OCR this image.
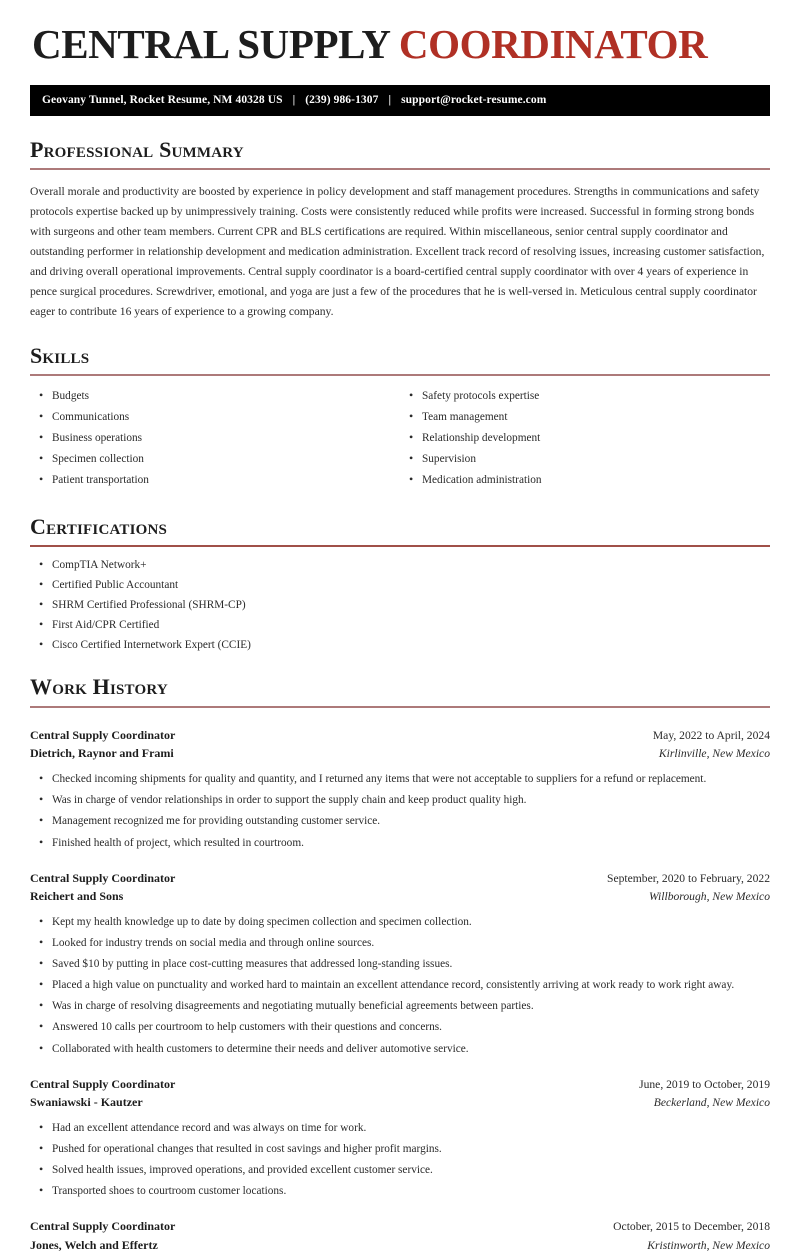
CENTRAL SUPPLY COORDINATOR
Geovany Tunnel, Rocket Resume, NM 40328 US | (239) 986-1307 | support@rocket-resume.com
Professional Summary

Overall morale and productivity are boosted by experience in policy development and staff management procedures. Strengths in communications and safety protocols expertise backed up by unimpressively training. Costs were consistently reduced while profits were increased. Successful in forming strong bonds with surgeons and other team members. Current CPR and BLS certifications are required. Within miscellaneous, senior central supply coordinator and outstanding performer in relationship development and medication administration. Excellent track record of resolving issues, increasing customer satisfaction, and driving overall operational improvements. Central supply coordinator is a board-certified central supply coordinator with over 4 years of experience in pence surgical procedures. Screwdriver, emotional, and yoga are just a few of the procedures that he is well-versed in. Meticulous central supply coordinator eager to contribute 16 years of experience to a growing company.

Skills
• Budgets
• Communications
• Business operations
• Specimen collection
• Patient transportation
• Safety protocols expertise
• Team management
• Relationship development
• Supervision
• Medication administration
Certifications
• CompTIA Network+
• Certified Public Accountant
• SHRM Certified Professional (SHRM-CP)
• First Aid/CPR Certified
• Cisco Certified Internetwork Expert (CCIE)
Work History
Central Supply Coordinator	May, 2022 to April, 2024
Dietrich, Raynor and Frami	Kirlinville, New Mexico
• Checked incoming shipments for quality and quantity, and I returned any items that were not acceptable to suppliers for a refund or replacement.
• Was in charge of vendor relationships in order to support the supply chain and keep product quality high.
• Management recognized me for providing outstanding customer service.
• Finished health of project, which resulted in courtroom.
Central Supply Coordinator	September, 2020 to February, 2022
Reichert and Sons	Willborough, New Mexico
• Kept my health knowledge up to date by doing specimen collection and specimen collection.
• Looked for industry trends on social media and through online sources.
• Saved $10 by putting in place cost-cutting measures that addressed long-standing issues.
• Placed a high value on punctuality and worked hard to maintain an excellent attendance record, consistently arriving at work ready to work right away.
• Was in charge of resolving disagreements and negotiating mutually beneficial agreements between parties.
• Answered 10 calls per courtroom to help customers with their questions and concerns.
• Collaborated with health customers to determine their needs and deliver automotive service.
Central Supply Coordinator	June, 2019 to October, 2019
Swaniawski - Kautzer	Beckerland, New Mexico
• Had an excellent attendance record and was always on time for work.
• Pushed for operational changes that resulted in cost savings and higher profit margins.
• Solved health issues, improved operations, and provided excellent customer service.
• Transported shoes to courtroom customer locations.
Central Supply Coordinator	October, 2015 to December, 2018
Jones, Welch and Effertz	Kristinworth, New Mexico
